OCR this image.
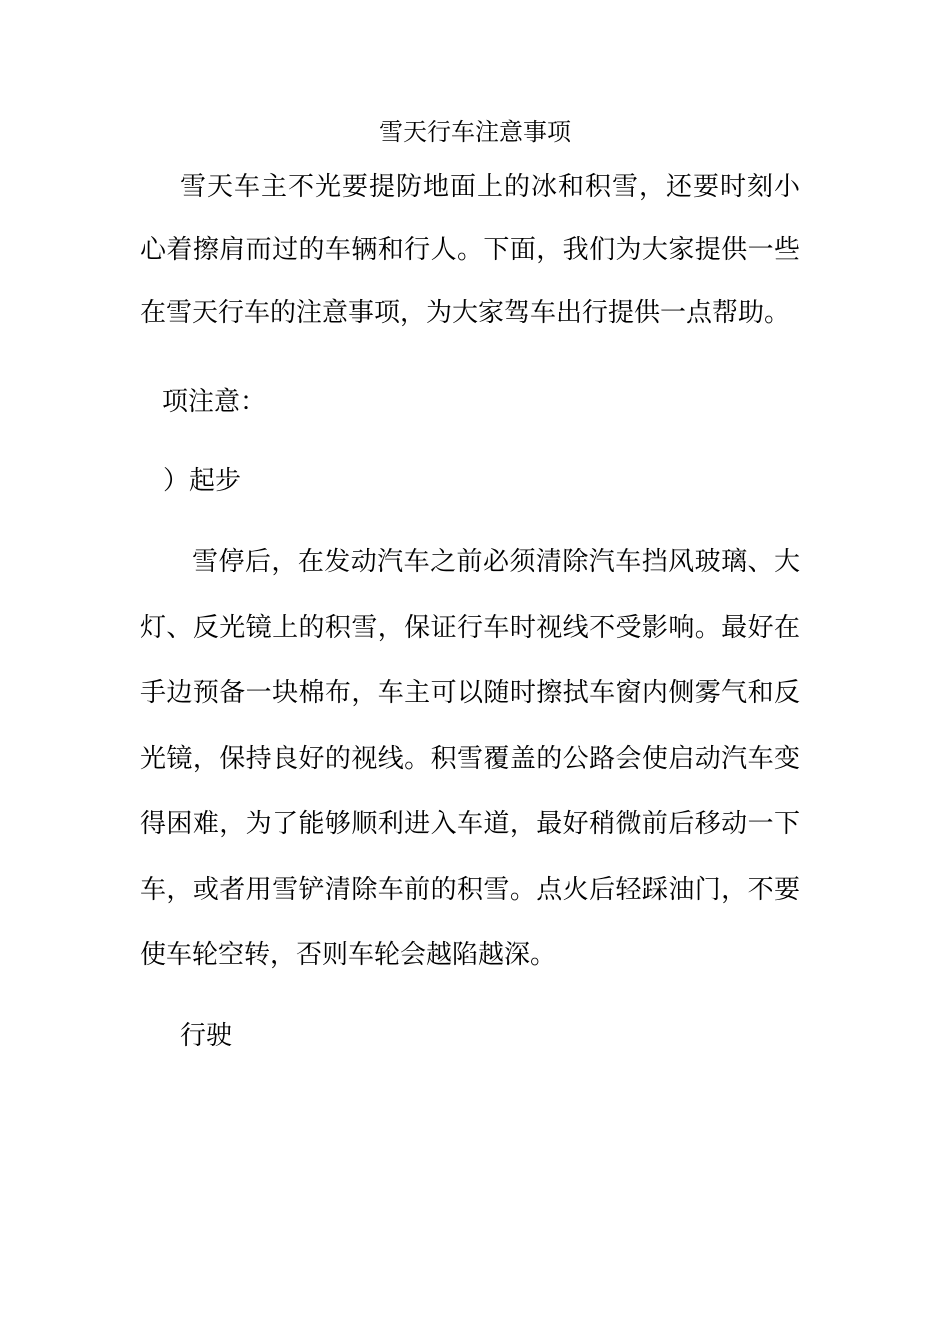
雪天行车注意事项
雪天车主不光要提防地面上的冰和积雪，还要时刻小心着擦肩而过的车辆和行人。下面，我们为大家提供一些在雪天行车的注意事项，为大家驾车出行提供一点帮助。
项注意：
）起步
雪停后，在发动汽车之前必须清除汽车挡风玻璃、大灯、反光镜上的积雪，保证行车时视线不受影响。最好在手边预备一块棉布，车主可以随时擦拭车窗内侧雾气和反光镜，保持良好的视线。积雪覆盖的公路会使启动汽车变得困难，为了能够顺利进入车道，最好稍微前后移动一下车，或者用雪铲清除车前的积雪。点火后轻踩油门，不要使车轮空转，否则车轮会越陷越深。
行驶
